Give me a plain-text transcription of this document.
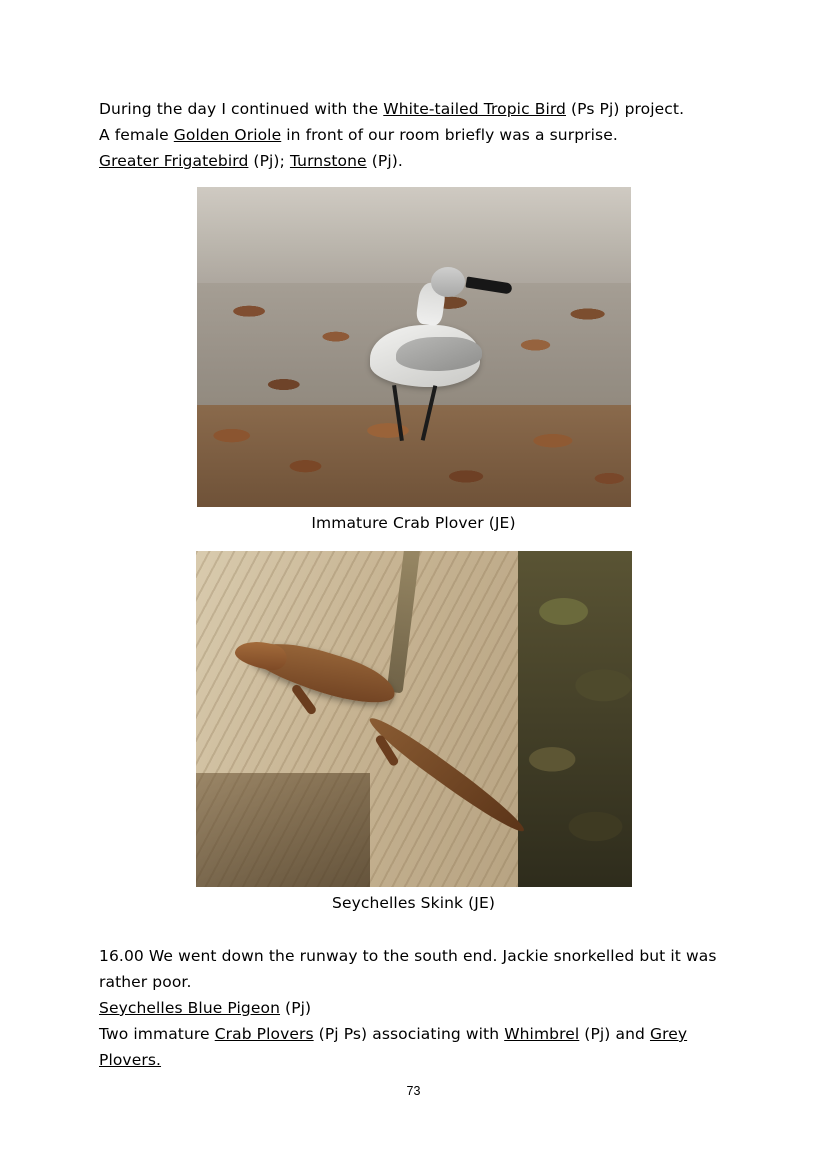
During the day I continued with the White-tailed Tropic Bird (Ps Pj) project.

A female Golden Oriole in front of our room briefly was a surprise.

Greater Frigatebird (Pj); Turnstone (Pj).

Immature Crab Plover (JE)
Seychelles Skink (JE)

16.00 We went down the runway to the south end. Jackie snorkelled but it was

rather poor.

Seychelles Blue Pigeon (Pj)

Two immature Crab Plovers (Pj Ps) associating with Whimbrel (Pj) and Grey

Plovers.

73
